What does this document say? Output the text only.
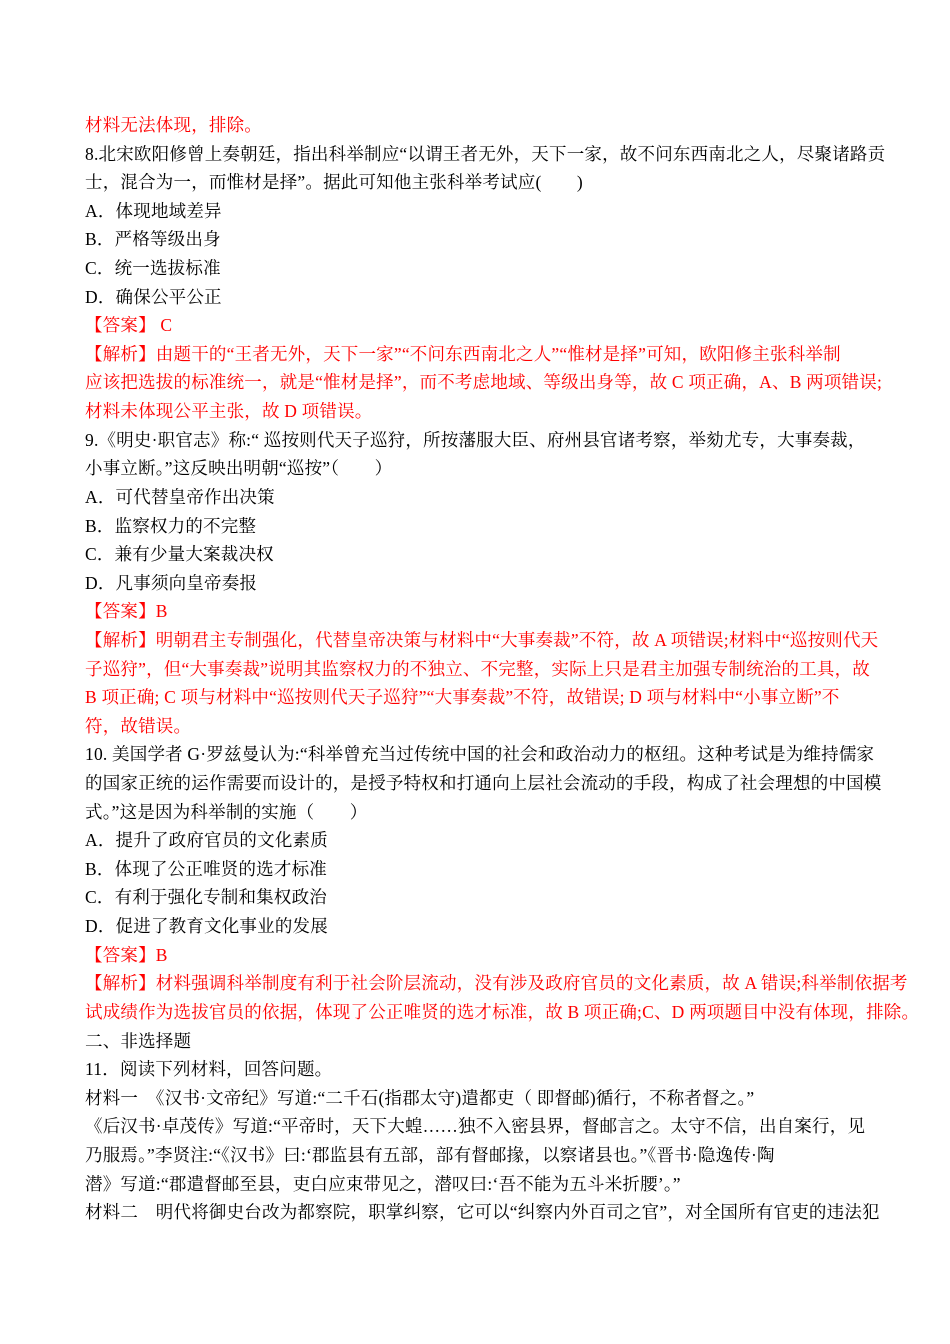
材料无法体现，排除。
8.北宋欧阳修曾上奏朝廷，指出科举制应“以谓王者无外，天下一家，故不问东西南北之人，尽聚诸路贡
士，混合为一，而惟材是择”。据此可知他主张科举考试应(　　)
A．体现地域差异
B．严格等级出身
C．统一选拔标准
D．确保公平公正
【答案】 C
【解析】由题干的“王者无外，天下一家”“不问东西南北之人”“惟材是择”可知，欧阳修主张科举制
应该把选拔的标准统一，就是“惟材是择”，而不考虑地域、等级出身等，故 C 项正确，A、B 两项错误;
材料未体现公平主张，故 D 项错误。
9.《明史·职官志》称:“ 巡按则代天子巡狩，所按藩服大臣、府州县官诸考察，举劾尤专，大事奏裁，
小事立断。”这反映出明朝“巡按”（　　）
A．可代替皇帝作出决策
B．监察权力的不完整
C．兼有少量大案裁决权
D．凡事须向皇帝奏报
【答案】B
【解析】明朝君主专制强化，代替皇帝决策与材料中“大事奏裁”不符，故 A 项错误;材料中“巡按则代天
子巡狩”，但“大事奏裁”说明其监察权力的不独立、不完整，实际上只是君主加强专制统治的工具，故
B 项正确; C 项与材料中“巡按则代天子巡狩”“大事奏裁”不符，故错误; D 项与材料中“小事立断”不
符，故错误。
10. 美国学者 G·罗兹曼认为:“科举曾充当过传统中国的社会和政治动力的枢纽。这种考试是为维持儒家
的国家正统的运作需要而设计的，是授予特权和打通向上层社会流动的手段，构成了社会理想的中国模
式。”这是因为科举制的实施（　　）
A．提升了政府官员的文化素质
B．体现了公正唯贤的选才标准
C．有利于强化专制和集权政治
D．促进了教育文化事业的发展
【答案】B
【解析】材料强调科举制度有利于社会阶层流动，没有涉及政府官员的文化素质，故 A 错误;科举制依据考
试成绩作为选拔官员的依据，体现了公正唯贤的选才标准，故 B 项正确;C、D 两项题目中没有体现，排除。
二、非选择题
11．阅读下列材料，回答问题。
材料一　《汉书·文帝纪》写道:“二千石(指郡太守)遣都吏（ 即督邮)循行，不称者督之。”
《后汉书·卓茂传》写道:“平帝时，天下大蝗……独不入密县界，督邮言之。太守不信，出自案行，见
乃服焉。”李贤注:“《汉书》曰:‘郡监县有五部，部有督邮掾，以察诸县也。”《晋书·隐逸传·陶
潜》写道:“郡遣督邮至县，吏白应束带见之，潜叹曰:‘吾不能为五斗米折腰’。”
材料二　明代将御史台改为都察院，职掌纠察，它可以“纠察内外百司之官”，对全国所有官吏的违法犯
